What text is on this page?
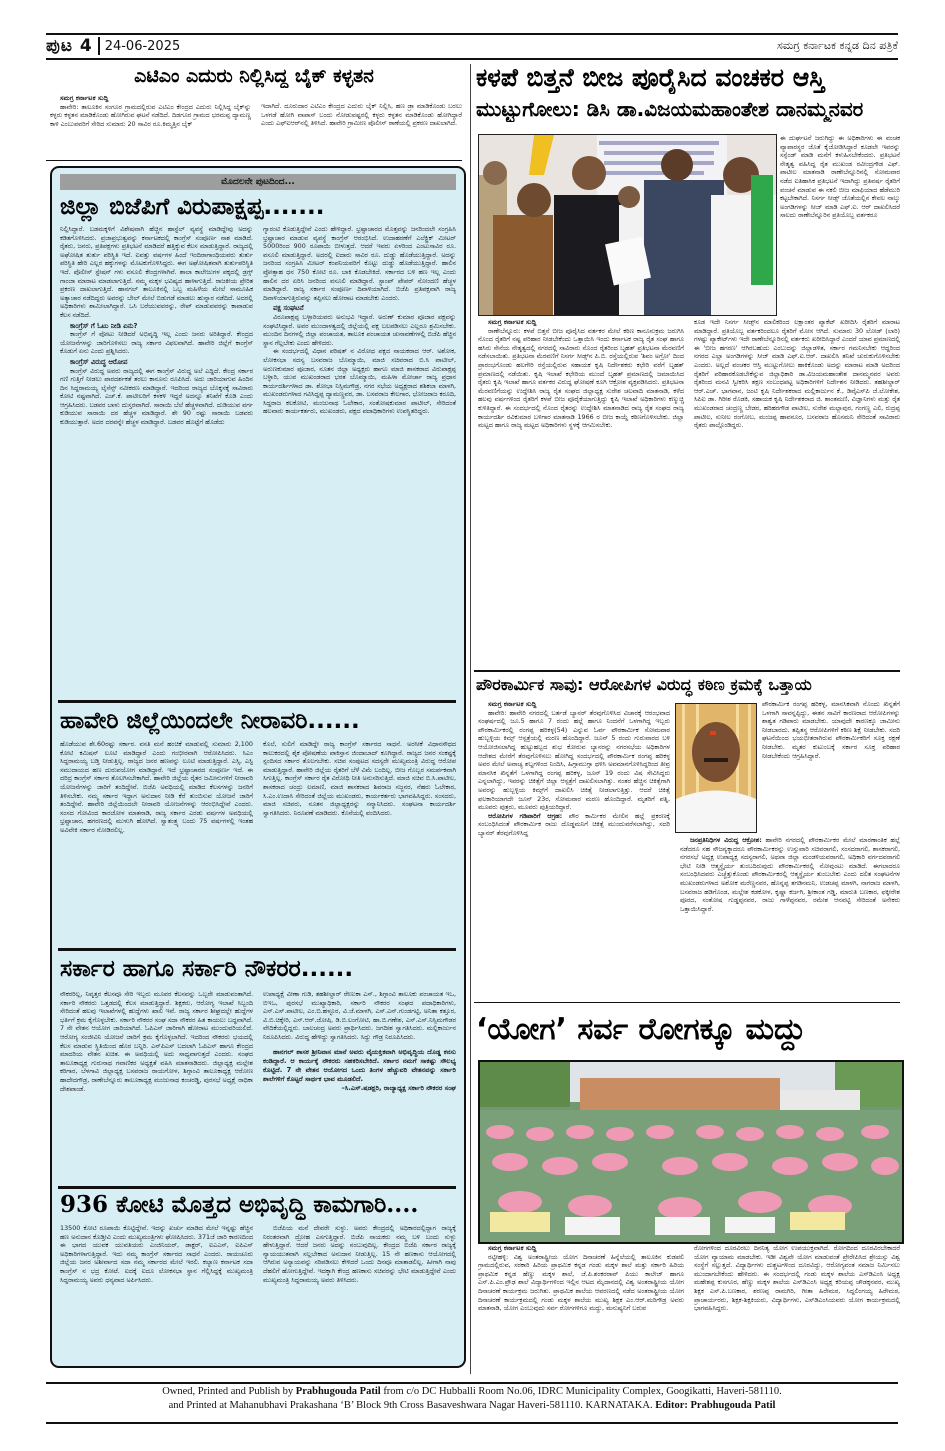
ಪುಟ 4 24-06-2025	ಸಮಗ್ರ ಕರ್ನಾಟಕ ಕನ್ನಡ ದಿನ ಪತ್ರಿಕೆ
ಎಟಿಎಂ ಎದುರು ನಿಲ್ಲಿಸಿದ್ದ ಬೈಕ್ ಕಳ್ಳತನ
ಸಮಗ್ರ ಕರ್ನಾಟಕ ಸುದ್ದಿ

ಹಾವೇರಿ: ತಾಲೂಕಿನ ಸಂಗೂರ ಗ್ರಾಮದಲ್ಲಿರುವ ಎಟಿಎಂ ಕೇಂದ್ರದ ಎದುರು ನಿಲ್ಲಿಸಿದ್ದ ಬೈಕ್‌ನ್ನು ಕಳ್ಳರು ಕಳ್ಳತನ ಮಾಡಿಕೊಂಡು ಹೋಗಿರುವ ಘಟನೆ ನಡೆದಿದೆ. ದಿಡಗೂರ ಗ್ರಾಮದ ಭರಮಪ್ಪ ದ್ಯಾಮಣ್ಣ ಕಾಳಿ ಎಂಬುವವರಿಗೆ ಸೇರಿದ ಸುಮಾರು 20 ಸಾವಿರ ರೂ.ಕಿಮ್ಮತ್ತಿನ ಬೈಕ್

ಇದಾಗಿದೆ. ದೂರುದಾರ ಎಟಿಎಂ ಕೇಂದ್ರದ ಎದುರು ಬೈಕ್ ನಿಲ್ಲಿಸಿ, ಹಣ ಡ್ರಾ ಮಾಡಿಕೊಂಡು ಬರಲು ಒಳಗಡೆ ಹೋಗಿ ವಾಪಾಸ್ ಬಂದು ನೋಡುವಷ್ಟರಲ್ಲಿ ಕಳ್ಳರು ಕಳ್ಳತನ ಮಾಡಿಕೊಂಡು ಹೋಗಿದ್ದಾರೆ ಎಂದು ಎಫ್‌ಐಆರ್‌ನಲ್ಲಿ ತಿಳಿಸಿದೆ. ಹಾವೇರಿ ಗ್ರಾಮೀಣ ಪೊಲೀಸ್ ಠಾಣೆಯಲ್ಲಿ ಪ್ರಕರಣ ದಾಖಲಾಗಿದೆ.

ಮೊದಲನೇ ಪುಟದಿಂದ...
ಜಿಲ್ಲಾ ಬಿಜೆಪಿಗೆ ವಿರುಪಾಕ್ಷಪ್ಪ.......

ನಿಲ್ಲಿಸಿದ್ದಾರೆ. ಬಡಮಕ್ಕಳಿಗೆ ವಿಶೇಷವಾಗಿ ಹೆಚ್ಚಿನ ಹಾಸ್ಟೆಲ್ ವ್ಯವಸ್ಥೆ ಮಾಡಿದ್ದೇವು ಅದನ್ನು ಕಡಿತಗೊಳಿಸಿದರು. ಪ್ರಜಾಪ್ರಭುತ್ವವನ್ನು ಕರ್ನಾಟಕದಲ್ಲಿ ಕಾಂಗ್ರೆಸ್ ಸಂಪೂರ್ಣ ನಾಶ ಮಾಡಿದೆ. ರೈತರು, ಜನರು, ಪ್ರತಿಪಕ್ಷಗಳು ಪ್ರತಿಭಟನೆ ಮಾಡಿದರೆ ಹತ್ತಿಕ್ಕುವ ಕೆಲಸ ಮಾಡುತ್ತಿದ್ದಾರೆ. ರಾಜ್ಯದಲ್ಲಿ ಅಘೋಷಿತ ತುರ್ತು ಪರಿಸ್ಥಿತಿ ಇದೆ. ಐವತ್ತು ವರ್ಷಗಳ ಹಿಂದೆ ಇಂದಿರಾಗಾಂಧಿಯವರು ತುರ್ತು ಪರಿಸ್ಥಿತಿ ಹೇರಿ ಎಲ್ಲರ ಹಕ್ಕುಗಳನ್ನು ಮೊಟಕುಗೊಳಿಸಿದ್ದರು. ಈಗ ಅಘೋಷಿತವಾಗಿ ತುರ್ತುಪರಿಸ್ಥಿತಿ ಇದೆ. ಪೊಲೀಸ್ ಸ್ಟೇಷನ್ ಗಳು ವಸೂಲಿ ಕೇಂದ್ರಗಳಾಗಿವೆ. ಶಾಲಾ ಕಾಲೇಜುಗಳ ಪಕ್ಕದಲ್ಲಿ ಡ್ರಗ್ಸ್ ಗಾಂಜಾ ಮಾರಾಟ ಮಾಡಲಾಗುತ್ತಿದೆ. ನಮ್ಮ ಮಕ್ಕಳ ಭವಿಷ್ಯದ ಹಾಳಾಗುತ್ತಿದೆ. ರಾಜಕೀಯ ಪ್ರೇರಿತ ಪ್ರಕರಣ ದಾಖಲಾಗುತ್ತಿದೆ. ಹಾನಗಲ್ ತಾಲೂಕಿನಲ್ಲಿ ಒಬ್ಬ ಮಹಿಳೆಯ ಮೇಲೆ ಸಾಮೂಹಿಕ ಅತ್ಯಾಚಾರ ನಡೆದಿದ್ದರು ಅವರನ್ನು ಬೇಲ್ ಮೇಲೆ ಬಿಡುಗಡೆ ಮಾಡಲು ಹುನ್ನಾರ ನಡೆದಿದೆ. ಅದರಲ್ಲಿ ಅಧಿಕಾರಿಗಳು ಶಾಮೀಲಾಗಿದ್ದಾರೆ. ಒಸಿ ಬರೆಯುವವರನ್ನು, ರೇಪ್ ಮಾಡುವವರನ್ನು ಕಾಪಾಡುವ ಕೆಲಸ ನಡೆದಿದೆ.

ಕಾಂಗ್ರೆಸ್ ಗೆ ಓಟು ನೀಡಿ ಏನು?

ಕಾಂಗ್ರೆಸ್ ಗೆ ವೋಟು ನೀಡಿದರೆ ಅಭಿವೃದ್ಧಿ ಇಲ್ಲ ಎಂದು ಜನರು ಅರಿತಿದ್ದಾರೆ. ಕೇಂದ್ರದ ಯೋಜನೆಗಳನ್ನು ಜಾರಿಗೊಳಿಸಲು ರಾಜ್ಯ ಸರ್ಕಾರ ವಿಫಲವಾಗಿದೆ. ಹಾವೇರಿ ಜಿಲ್ಲೆಗೆ ಕಾಂಗ್ರೆಸ್ ಕೊಡುಗೆ ಏನು ಎಂದು ಪ್ರಶ್ನಿಸಿದರು.

ಕಾಂಗ್ರೆಸ್ ವಿರುದ್ಧ ಆರೋಪ

ಕಾಂಗ್ರೆಸ್ ವಿರುದ್ಧ ಅವರು ರಾಜ್ಯದಲ್ಲಿ ಈಗ ಕಾಂಗ್ರೆಸ್ ವಿರುದ್ಧ ಅಲೆ ಎದ್ದಿದೆ. ಕೇಂದ್ರ ಸರ್ಕಾರ ಗಣಿ ಗುತ್ತಿಗೆ ನೀಡಲು ಪಾರದರ್ಶಕತೆ ತರಲು ಕಾನೂನು ರೂಪಿಸಿದೆ. ಅದು ಜಾರಿಯಾಗುವ ಹಿಂದಿನ ದಿನ ಸಿದ್ದರಾಮಯ್ಯ ಲೈಸೆನ್ಸ್ ನವೀಕರಣ ಮಾಡಿದ್ದಾರೆ. ಇದರಿಂದ ರಾಜ್ಯದ ಬೊಕ್ಕಸಕ್ಕೆ ಸಾವಿರಾರು ಕೋಟಿ ನಷ್ಟವಾಗಿದೆ. ಎಚ್.ಕೆ. ಪಾಟೀಲರಿಗೆ ಕಳಕಳಿ ಇದ್ದರೆ ಅದನ್ನೂ ತನಿಖೆಗೆ ಕೊಡಿ ಎಂದು ಆಗ್ರಹಿಸಿದರು. ಬಡವರ ಬಾಳು ದುಸ್ತರವಾಗಿದೆ. ಸಾರಾಯಿ ಬೆಲೆ ಹೆಚ್ಚಳವಾಗಿದೆ. ದುಡಿಯುವ ವರ್ಗ ಕುಡಿಯುವ ಸಾರಾಯಿ ದರ ಹೆಚ್ಚಳ ಮಾಡಿದ್ದಾರೆ. ಶೇ 90 ರಷ್ಟು ಸಾರಾಯಿ ಬಡವರು ಕುಡಿಯುತ್ತಾರೆ. ಅದರ ದರವನ್ನೇ ಹೆಚ್ಚಳ ಮಾಡಿದ್ದಾರೆ. ಬಡವರ ಹೊಟ್ಟೆಗೆ ಹೊಡೆದು

ಗ್ಯಾರಂಟಿ ಕೊಡುತ್ತಿದ್ದೇವೆ ಎಂದು ಹೇಳಿದ್ದಾರೆ. ಭ್ರಷ್ಟಾಚಾರದ ಮೊತ್ತವನ್ನು ಜನರಿಂದಲೇ ಸಂಗ್ರಹಿಸಿ ಭ್ರಷ್ಟಾಚಾರ ಮಾಡುವ ವ್ಯವಸ್ಥೆ ಕಾಂಗ್ರೆಸ್ ಆರಂಭಿಸಿದೆ. ಉದಾಹರಣೆಗೆ ಎಲೆಕ್ಟ್ರಿಕ್ ಮೀಟರ್ 5000ರಿಂದ 900 ರೂಪಾಯಿ ಬೀಳುತ್ತದೆ. ಆದರೆ ಇವರು ಏಳರಿಂದ ಎಂಟುಸಾವಿರ ರೂ. ವಸೂಲಿ ಮಾಡುತ್ತಿದ್ದಾರೆ. ಅದರಲ್ಲಿ ಐದಾರು ಸಾವಿರ ರೂ. ದುಡ್ಡು ಹೊಡೆಯುತ್ತಿದ್ದಾರೆ. ಅದನ್ನು ಜನರಿಂದ ಸಂಗ್ರಹಿಸಿ ಮೀಟರ್ ಕಂಪನಿಯವರಿಗೆ ಕೊಟ್ಟು ದುಡ್ಡು ಹೊಡೆಯುತ್ತಿದ್ದಾರೆ. ಹಾಲಿನ ಪ್ರೋತ್ಸಾಹ ಧನ 750 ಕೋಟಿ ರೂ. ಬಾಕಿ ಕೊಡಬೇಕಿದೆ. ಸರ್ಕಾರದ ಬಳಿ ಹಣ ಇಲ್ಲ ಎಂದು ಹಾಲಿನ ದರ ಏರಿಸಿ ಜನರಿಂದ ವಸೂಲಿ ಮಾಡಿದ್ದಾರೆ. ಸ್ಟಾಂಪ್ ಪೇಪರ್ ನೋಂದಣಿ ಹೆಚ್ಚಳ ಮಾಡಿದ್ದಾರೆ. ರಾಜ್ಯ ಸರ್ಕಾರ ಸಂಪೂರ್ಣ ದಿವಾಳಿಯಾಗಿದೆ. ಬಿಜೆಪಿ ಪ್ರತಿಪಕ್ಷವಾಗಿ ರಾಜ್ಯ ದಿವಾಳಿಯಾಗುತ್ತಿರುವನ್ನು ತಪ್ಪಿಸಲು ಹೋರಾಟ ಮಾಡಬೇಕು ಎಂದರು.

ಪಕ್ಷ ಸಂಘಟನೆ

ವಿರೂಪಾಕ್ಷಪ್ಪ ಬಳ್ಳಾರಿಯವರು ಅನುಭವಿ ಇದ್ದಾರೆ. ಅರುಣ್ ಕುಮಾರ ಪೂಜಾರ ಪಕ್ಷವನ್ನು ಸಂಘಟಿಸಿದ್ದಾರೆ. ಅವರ ಮುಂದಾಳತ್ವದಲ್ಲಿ ಜಿಲ್ಲೆಯಲ್ಲಿ ಪಕ್ಷ ಬಲಪಡಿಸಲು ಎಲ್ಲರೂ ಶ್ರಮಿಸಬೇಕು. ಮುಂದಿನ ದಿನಗಳಲ್ಲಿ ಜಿಲ್ಲಾ ಪಂಚಾಯತ, ತಾಲೂಕ ಪಂಚಾಯತ ಚುನಾವಣೆಗಳಲ್ಲಿ ಬಿಜೆಪಿ ಹೆಚ್ಚಿನ ಸ್ಥಾನ ಗೆಲ್ಲಬೇಕು ಎಂದು ಹೇಳಿದರು.

ಈ ಸಂದರ್ಭದಲ್ಲಿ ವಿಧಾನ ಪರಿಷತ್ ನ ವಿರೋಧ ಪಕ್ಷದ ನಾಯಕರಾದ ಆರ್. ಅಶೋಕ, ಲೋಕಸಭಾ ಸದಸ್ಯ ಬಸವರಾಜ ಬೊಮ್ಮಾಯಿ, ಮಾಜಿ ಸಚಿವರಾದ ಬಿ.ಸಿ ಪಾಟೀಲ್, ಅರುಣಕುಮಾರ ಪೂಜಾರ, ನೂತನ ಜಿಲ್ಲಾ ಅಧ್ಯಕ್ಷರು ಹಾಗೂ ಮಾಜಿ ಶಾಸಕರಾದ ವಿರುಪಾಕ್ಷಪ್ಪ ಬಳ್ಳಾರಿ, ಯುವ ಮುಖಂಡರಾದ ಭರತ ಬೊಮ್ಮಾಯಿ, ಮಹಿಳಾ ಮೋರ್ಚಾ ರಾಜ್ಯ ಪ್ರಧಾನ ಕಾರ್ಯದರ್ಶಿಗಳಾದ ಡಾ. ಶೋಭಾ ನಿಸ್ಸಿಮಗೌಡ್ರ, ನಗರ ಸಭೆಯ ಅಧ್ಯಕ್ಷರಾದ ಶಶಿಕಲಾ ಮಾಳಗಿ, ಮುಖಂಡರುಗಳಾದ ಗವಿಸಿದ್ದಪ್ಪ ದ್ಯಾಮಣ್ಣವರ, ಡಾ. ಬಸವರಾಜ ಕೇಲಗಾರ, ಭೋಜರಾಜ ಕರೂದಿ, ಸಿದ್ದರಾಜ ಕಲಕೋಟಿ, ಮಂಜುನಾಥ ಓಲೇಕಾರ, ಸಂತೋಷಕುಮಾರ ಪಾಟೀಲ್, ಸೇರಿದಂತೆ ಹಲವಾರು ಕಾರ್ಯಕರ್ತರು, ಮುಖಂಡರು, ಪಕ್ಷದ ಪದಾಧಿಕಾರಿಗಳು ಉಪಸ್ಥಿತರಿದ್ದರು.

ಹಾವೇರಿ ಜಿಲ್ಲೆಯಿಂದಲೇ ನೀರಾವರಿ......

ಹೊಡೆಯುವ ಶೇ.60ರಷ್ಟು ಸರ್ಕಾರ. ವಸತಿ ಮನೆ ಹಂಚಿಕೆ ಮಾಡುವಲ್ಲಿ ಸುಮಾರು 2,100 ಕೋಟಿ ಕಮಿಷನ್ ಲೂಟಿ ಮಾಡಿದ್ದಾರೆ ಎಂದು ಗಂಭೀರವಾಗಿ ಆರೋಪಿಸಿದರು. ಸಿಎಂ ಸಿದ್ದರಾಮಯ್ಯ ಬಡ್ತಿ ನೀಡುತ್ತಿಲ್ಲ. ರಾಜ್ಯದ ಜನರ ಹಣವನ್ನು ಲೂಟಿ ಮಾಡುತ್ತಿದ್ದಾರೆ. ಎಸ್ಸಿ, ಎಸ್ಟಿ ಸಮುದಾಯದ ಹಣ ದುರುಪಯೋಗ ಮಾಡಿದ್ದಾರೆ. ಇದೆ ಭ್ರಷ್ಟಾಚಾರದ ಸಂಪೂರ್ಣ ಇದೆ. ಈ ದರಿದ್ರ ಕಾಂಗ್ರೆಸ್ ಸರ್ಕಾರ ತೊಲಗಿಸಬೇಕಾಗಿದೆ. ಹಾವೇರಿ ಜಿಲ್ಲೆಯ ರೈತರ ಜಮೀನುಗಳಿಗೆ ನೀರಾವರಿ ಯೋಜನೆಗಳನ್ನು ಜಾರಿಗೆ ತಂದಿದ್ದೇವೆ. ಬಿಜೆಪಿ ಅವಧಿಯಲ್ಲಿ ಮಾಡಿದ ಕೆಲಸಗಳನ್ನು ಜನರಿಗೆ ತಿಳಿಸಬೇಕು. ನಮ್ಮ ಸರ್ಕಾರ ಇದ್ದಾಗ ಅನುದಾನ ನೀಡಿ ಕೆರೆ ತುಂಬಿಸುವ ಯೋಜನೆ ಜಾರಿಗೆ ತಂದಿದ್ದೇವೆ. ಹಾವೇರಿ ಜಿಲ್ಲೆಯಿಂದಲೇ ನೀರಾವರಿ ಯೋಜನೆಗಳನ್ನು ಆರಂಭಿಸಿದ್ದೇವೆ ಎಂದರು. ಸಂಸದ ಗೋವಿಂದ ಕಾರಜೋಳ ಮಾತನಾಡಿ, ರಾಜ್ಯ ಸರ್ಕಾರ ಎರಡು ವರ್ಷಗಳ ಅವಧಿಯಲ್ಲಿ ಭ್ರಷ್ಟಾಚಾರ, ಹಗರಣದಲ್ಲಿ ಮುಳುಗಿ ಹೋಗಿದೆ. ಸ್ವಾತಂತ್ರ್ಯ ಬಂದು 75 ವರ್ಷಗಳಲ್ಲಿ ಇಂತಹ ಅವಿವೇಕಿ ಸರ್ಕಾರ ನೋಡಿರಲಿಲ್ಲ.

ಕೊಲೆ, ಸುಲಿಗೆ ಮಾಡಿದ್ದೇ ರಾಜ್ಯ ಕಾಂಗ್ರೆಸ್ ಸರ್ಕಾರದ ಸಾಧನೆ. ಅರಸೀಕೆ ವಿಧಾನಸೌಧದ ಕಾಲುಕರದಲ್ಲಿ ಶೈಕ ಪೋಷಣೆಯ ಪಾಕಿಸ್ತಾನ ಜಿಂದಾಬಾದ್ ಕೂಗಿದ್ದಾರೆ. ರಾಜ್ಯದ ಜನರ ಸಂಕಷ್ಟಕ್ಕೆ ಸ್ಪಂದಿಸದ ಸರ್ಕಾರ ತೊಲಗಬೇಕು. ಸಚಿವ ಸಂಪುಟದ ಸದಸ್ಯರೇ ಮುಖ್ಯಮಂತ್ರಿ ವಿರುದ್ಧ ಆರೋಪ ಮಾಡುತ್ತಿದ್ದಾರೆ. ಹಾವೇರಿ ಜಿಲ್ಲೆಯ ರೈತರಿಗೆ ಬೆಳೆ ವಿಮೆ ಬಂದಿಲ್ಲ. ಬೀಜ ಗೊಬ್ಬರ ಸಮರ್ಪಕವಾಗಿ ಸಿಗುತ್ತಿಲ್ಲ. ಕಾಂಗ್ರೆಸ್ ಸರ್ಕಾರ ರೈತ ವಿರೋಧಿ ನೀತಿ ಅನುಸರಿಸುತ್ತಿದೆ. ಮಾಜಿ ಸಚಿವ ಬಿ.ಸಿ.ಪಾಟೀಲ, ಶಾಸಕರಾದ ಚಂದ್ರು ಲಮಾಣಿ, ಮಾಜಿ ಶಾಸಕರಾದ ಶಿವರಾಜ ಸಜ್ಜನರ, ನೆಹರು ಓಲೇಕಾರ, ಸಿ.ಎಂ.ಉದಾಸಿ ಸೇರಿದಂತೆ ಜಿಲ್ಲೆಯ ಮುಖಂಡರು, ಕಾರ್ಯಕರ್ತರು ಭಾಗವಹಿಸಿದ್ದರು. ಸಂಸದರು, ಮಾಜಿ ಸಚಿವರು, ನೂತನ ಜಿಲ್ಲಾಧ್ಯಕ್ಷರನ್ನು ಸನ್ಮಾನಿಸಿದರು. ಸಂಘಟನಾ ಕಾರ್ಯದರ್ಶಿ ಸ್ವಾಗತಿಸಿದರು. ನಿರೂಪಣೆ ಮಾಡಿದರು. ಕೊನೆಯಲ್ಲಿ ವಂದಿಸಿದರು.

ಸರ್ಕಾರ ಹಾಗೂ ಸರ್ಕಾರಿ ನೌಕರರ......

ನೌಕರರಿಲ್ಲ, ನಿವೃತ್ತರ ಕೆಲಸವೂ ಸೇರಿ ಇಬ್ಬರು ಮೂವರ ಕೆಲಸವನ್ನು ಒಬ್ಬರೇ ಮಾಡುವಂತಾಗಿದೆ. ಸರ್ಕಾರಿ ನೌಕರರು ಒತ್ತಡದಲ್ಲಿ ಕೆಲಸ ಮಾಡುತ್ತಿದ್ದಾರೆ. ಶಿಕ್ಷಕರು, ಆರೋಗ್ಯ ಇಲಾಖೆ ಸಿಬ್ಬಂದಿ ಸೇರಿದಂತೆ ಹಲವು ಇಲಾಖೆಗಳಲ್ಲಿ ಹುದ್ದೆಗಳು ಖಾಲಿ ಇವೆ. ರಾಜ್ಯ ಸರ್ಕಾರ ಶೀಘ್ರದಲ್ಲೇ ಹುದ್ದೆಗಳ ಭರ್ತಿಗೆ ಕ್ರಮ ಕೈಗೊಳ್ಳಬೇಕು. ಸರ್ಕಾರಿ ನೌಕರರ ಸಂಘ ಸದಾ ನೌಕರರ ಹಿತ ಕಾಯಲು ಬದ್ಧವಾಗಿದೆ. 7 ನೇ ವೇತನ ಆಯೋಗ ಜಾರಿಯಾಗಿದೆ. ಓಪಿಎಸ್ ಜಾರಿಗಾಗಿ ಹೋರಾಟ ಮುಂದುವರಿಯಲಿದೆ. ಆರೋಗ್ಯ ಸಂಜೀವಿನಿ ಯೋಜನೆ ಜಾರಿಗೆ ಕ್ರಮ ಕೈಗೊಳ್ಳಲಾಗಿದೆ. ಇದರಿಂದ ನೌಕರರು ಭಯದಲ್ಲಿ ಕೆಲಸ ಮಾಡುವ ಸ್ಥಿತಿಯಿಂದ ಹೊರ ಬನ್ನಿರಿ. ಎನ್‌ಪಿಎಸ್ ಬದಲಾಗಿ ಓಪಿಎಸ್ ಹಾಗೂ ಕೇಂದ್ರದ ಮಾದರಿಯ ವೇತನ ಖಚಿತ. ಈ ಅವಧಿಯಲ್ಲಿ ಅದು ಸಾಧ್ಯವಾಗುತ್ತದೆ ಎಂದರು. ಸಂಘದ ತಾಲೂಕಾಧ್ಯಕ್ಷ ಗುರುನಾಥ ಗವಾಣಿಕರ ಅಧ್ಯಕ್ಷತೆ ವಹಿಸಿ ಮಾತನಾಡಿದರು. ಜಿಲ್ಲಾಧ್ಯಕ್ಷ ಮಲ್ಲೇಶ ಕರಿಗಾರ, ಬೆಳಗಾವಿ ಜಿಲ್ಲಾಧ್ಯಕ್ಷ ಬಸವರಾಜ ರಾಯಗೋಳ, ಶಿಗ್ಗಾಂವಿ ತಾಲೂಕಾಧ್ಯಕ್ಷ ಆರೋಣ ಹಾದೇದಗೌಡ್ರ, ರಾಣೇಬೆನ್ನೂರು ತಾಲೂಕಾಧ್ಯಕ್ಷ ಮಂಜುನಾಥ ಕಂಚರಡ್ಡಿ, ಪುರಸಭೆ ಅಧ್ಯಕ್ಷೆ ರಾಧಿಕಾ ದೇಶಪಾಂಡೆ.

ಉಪಾಧ್ಯಕ್ಷೆ ವೀಣಾ ಗುಡಿ, ತಹಶೀಲ್ದಾರ್ ರೇಣುಕಾ ಎಸ್., ಶಿಗ್ಗಾಂವಿ ತಾಲೂಕು ಪಂಚಾಯತ ಇಒ, ಬಿಇಒ, ಪುರಸಭೆ ಮುಖ್ಯಾಧಿಕಾರಿ, ಸರ್ಕಾರಿ ನೌಕರರ ಸಂಘದ ಪದಾಧಿಕಾರಿಗಳು, ಎನ್.ಎಸ್.ಪಾಟೀಲ, ಎಂ.ಬಿ.ಹಳ್ಳೂರ, ವಿ.ಜೆ.ಮಾಳಗಿ, ಎಸ್.ಎನ್.ಗುಂಡಗಟ್ಟಿ, ಅನಿತಾ ಕತ್ತೂರ, ವಿ.ಬಿ.ಚಿಕ್ಕೇರಿ, ಎಸ್.ಆರ್.ಜೋಷಿ, ಡಿ.ಬಿ.ಲಂಗೋಟಿ, ಹಾ.ಬಿ.ಗಣೇಶ, ಎಸ್.ಎಸ್.ನಿಸ್ಸಿಮಗೌಡರ ವೇದಿಕೆಯಲ್ಲಿದ್ದರು. ಬಾಲಚಂದ್ರ ಅವರು ಪ್ರಾರ್ಥಿಸಿದರು. ಜಗದೀಶ ಸ್ವಾಗತಿಸಿದರು. ಮಲ್ಲಿಕಾರ್ಜುನ ನಿರೂಪಿಸಿದರು. ವಿರುದ್ಧ ಹೇಳಿದ್ದು ಸ್ವಾಗತಿಸಿದರು. ಸಿದ್ದು ಗೌಡ್ರ ನಿರೂಪಿಸಿದರು.

ಹಾನಗಲ್ ಶಾಸಕ ಶ್ರೀನಿವಾಸ ಮಾನೆ ಅವರು ವೈಯಕ್ತಿಕವಾಗಿ ಅಭಿವೃದ್ಧಿಯ ದೊಡ್ಡ ಕನಸು ಕಂಡಿದ್ದಾರೆ. ಆ ಕಾರ್ಯಕ್ಕೆ ನೌಕರರು ಸಹಕರಿಸಬೇಕಿದೆ. ಸರ್ಕಾರ ನಮಗೆ ಸಾಕಷ್ಟು ಸೌಲಭ್ಯ ಕೊಟ್ಟಿದೆ. 7 ನೇ ವೇತನ ಆಯೋಗದ ಒಂದು ತಿಂಗಳ ಹೆಚ್ಚುವರಿ ವೇತನವನ್ನು ಸರ್ಕಾರಿ ಶಾಲೆಗಳಿಗೆ ಕೊಟ್ಟರೆ ಸಾರ್ಥಕ ಭಾವ ಮೂಡಲಿದೆ.

–ಸಿ.ಎಸ್.ಷಡಕ್ಷರಿ, ರಾಜ್ಯಾಧ್ಯಕ್ಷ ಸರ್ಕಾರಿ ನೌಕರರ ಸಂಘ
936 ಕೋಟಿ ಮೊತ್ತದ ಅಭಿವೃದ್ಧಿ ಕಾಮಗಾರಿ....

13500 ಕೋಟಿ ರೂಪಾಯಿ ಕೊಟ್ಟಿದ್ದೇವೆ. ಇದನ್ನು ಖರ್ಚು ಮಾಡಿದ ಮೇಲೆ ಇನ್ನಷ್ಟು ಹೆಚ್ಚಿನ ಹಣ ಅನುದಾನ ಕೊಡ್ತೀವಿ ಎಂದು ಮುಖ್ಯಮಂತ್ರಿಗಳು ಘೋಷಿಸಿದರು. 371ಜೆ ಜಾರಿ ಕಾರಣದಿಂದ ಈ ಭಾಗದ ಯುವಕ ಯುವತಿಯರು ಎಂಜಿನಿಯರ್, ಡಾಕ್ಟರ್, ಐಎಎಸ್, ಐಪಿಎಸ್ ಅಧಿಕಾರಿಗಳಾಗುತ್ತಿದ್ದಾರೆ. ಇದು ನಮ್ಮ ಕಾಂಗ್ರೆಸ್ ಸರ್ಕಾರದ ಸಾಧನೆ ಎಂದರು. ರಾಯಚೂರು ಜಿಲ್ಲೆಯ ಜನರ ಅಶೀರ್ವಾದ ಸದಾ ನಮ್ಮ ಸರ್ಕಾರದ ಮೇಲೆ ಇರಲಿ. ಕಲ್ಯಾಣ ಕರ್ನಾಟಕ ಸದಾ ಕಾಂಗ್ರೆಸ್ ನ ಭದ್ರ ಕೋಟೆ. ಐದಕ್ಕೆ ಐದೂ ಲೋಕಸಭಾ ಸ್ಥಾನ ಗೆಲ್ಲಿಸಿದ್ದಕ್ಕೆ ಮುಖ್ಯಮಂತ್ರಿ ಸಿದ್ದರಾಮಯ್ಯ ಅವರು ಧನ್ಯವಾದ ಅರ್ಪಿಸಿದರು.

ಬಿಜೆಪಿಯ ಮನೆ ದೇವರೇ ಸುಳ್ಳು. ಅವರು ಕೇಂದ್ರದಲ್ಲಿ ಅಧಿಕಾರದಲ್ಲಿದ್ದಾಗ ರಾಜ್ಯಕ್ಕೆ ನಿರಂತರವಾಗಿ ದ್ರೋಹ ಎಸಗುತ್ತಿದ್ದಾರೆ. ಬಿಜೆಪಿ ನಾಯಕರು ನಮ್ಮ ಬಳಿ ಬಂದು ಸುಳ್ಳು ಹೇಳುತ್ತಿದ್ದಾರೆ. ಆದರೆ ಜನರು ಅದನ್ನು ನಂಬುವುದಿಲ್ಲ. ಕೇಂದ್ರದ ಬಿಜೆಪಿ ಸರ್ಕಾರ ರಾಜ್ಯಕ್ಕೆ ನ್ಯಾಯಯುತವಾಗಿ ಸಲ್ಲಬೇಕಾದ ಅನುದಾನ ನೀಡುತ್ತಿಲ್ಲ. 15 ನೇ ಹಣಕಾಸು ಆಯೋಗದಲ್ಲಿ ಆಗಿರುವ ಅನ್ಯಾಯವನ್ನು ಸರಿಪಡಿಸಲು ಕೇಳಿದರೆ ಒಂದು ದಿನವೂ ಮಾತಾಡಲಿಲ್ಲ. ಹೀಗಾಗಿ ನಾವು ದೆಹಲಿಗೆ ಹೋಗುತ್ತಿದ್ದೇವೆ. ಇದಕ್ಕಾಗಿ ಕೇಂದ್ರ ಹಣಕಾಸು ಸಚಿವರನ್ನು ಭೇಟಿ ಮಾಡುತ್ತಿದ್ದೇವೆ ಎಂದು ಮುಖ್ಯಮಂತ್ರಿ ಸಿದ್ದರಾಮಯ್ಯ ಅವರು ತಿಳಿಸಿದರು.

ಕಳಪೆ ಬಿತ್ತನೆ ಬೀಜ ಪೂರೈಸಿದ ವಂಚಕರ ಆಸ್ತಿ
ಮುಟ್ಟುಗೋಲು: ಡಿಸಿ ಡಾ.ವಿಜಯಮಹಾಂತೇಶ ದಾನಮ್ಮನವರ

ಈ ದುರ್ಘಟನೆ ಜರುಗಿದ್ದು ಈ ಅಧಿಕಾರಿಗಳು ಈ ವಂಚಕ ವ್ಯಾಪಾರಸ್ಥರ ಜೊತೆ ಕೈಜೋಡಿಸಿದ್ದಾರೆ ಕೂಡಲೇ ಇವರನ್ನು ಸಸ್ಪೆಂಡ್ ಮಾಡಿ ಮನೆಗೆ ಕಳುಹಿಸಬೇಕೆಂದರು. ಪ್ರತಿಭಟನೆ ನೇತೃತ್ವ ವಹಿಸಿದ್ದ ರೈತ ಮುಖಂಡ ರವೀಂದ್ರಗೌಡ ಎಫ್. ಪಾಟೀಲ ಮಾತನಾಡಿ ರಾಣೇಬೆನ್ನೂರಿನಲ್ಲಿ ಸೋಮವಾರ ನಡೆದ ಐತಿಹಾಸಿಕ ಪ್ರತಿಭಟನೆ ಇದಾಗಿದ್ದು ಪ್ರತಿವರ್ಷ ರೈತರಿಗೆ ವಂಚನೆ ಮಾಡುವ ಈ ನಕಲಿ ಬೀಜ ಮಾಫಿಯಾದ ಹೆಡೆಮುರಿ ಕಟ್ಟಬೇಕಾಗಿದೆ. ನಿಸರ್ಗ ಸೀಡ್ಸ್ ಜೊತೆಯಲ್ಲಿನ ಕೇವಲ ನಾಲ್ಕು ಅಂಗಡಿಗಳನ್ನು ಸೀಜ್ ಮಾಡಿ ಎಫ್.ಐ. ಆರ್ ದಾಖಲಿಸಿದರೆ ಸಾಲದು ರಾಣೇಬೆನ್ನೂರಿನ ಪ್ರತಿಯೊಬ್ಬ ವರ್ತಕರೂ

ಸಮಗ್ರ ಕರ್ನಾಟಕ ಸುದ್ದಿ

ರಾಣೇಬೆನ್ನೂರು: ಕಳಪೆ ಬಿತ್ತನೆ ಬೀಜ ಪೂರೈಸಿದ ವರ್ತಕರ ಮೇಲೆ ಕಠಿಣ ಕಾನೂನುಕ್ರಮ ಜರುಗಿಸಿ ನೊಂದ ರೈತರಿಗೆ ನಷ್ಟ ಪರಿಹಾರ ನೀಡಬೇಕೆಂದು ಒತ್ತಾಯಿಸಿ ಇಂದು ಕರ್ನಾಟಕ ರಾಜ್ಯ ರೈತ ಸಂಘ ಹಾಗೂ ಹಸಿರು ಸೇನೆಯ ನೇತೃತ್ವದಲ್ಲಿ ನಗರದಲ್ಲಿ ಸಾವಿರಾರು ನೊಂದ ರೈತರಿಂದ ಬೃಹತ್ ಪ್ರತಿಭಟನಾ ಮೆರವಣಿಗೆ ನಡೆಸಲಾಯಿತು. ಪ್ರತಿಭಟನಾ ಮೆರವಣಿಗೆ ನಿಸರ್ಗ ಸೀಡ್ಸ್‌ನ ಪಿ.ಬಿ. ರಸ್ತೆಯಲ್ಲಿರುವ 'ಶಿವಂ ಅಗ್ರೋ' ದಿಂದ ಪ್ರಾರಂಭಗೊಂಡು ಹಲಗೇರಿ ರಸ್ತೆಯಲ್ಲಿರುವ ಸಹಾಯಕ ಕೃಷಿ ನಿರ್ದೇಶಕರು ಕಛೇರಿ ವರೆಗೆ ಬೃಹತ್ ಪ್ರಮಾಣದಲ್ಲಿ ನಡೆಯಿತು. ಕೃಷಿ ಇಲಾಖೆ ಕಛೇರಿಯ ಮುಂದೆ ಬೃಹತ್ ಪ್ರಮಾಣದಲ್ಲಿ ಜಮಾಯಿಸಿದ ರೈತರು ಕೃಷಿ ಇಲಾಖೆ ಹಾಗೂ ವರ್ತಕರ ವಿರುದ್ಧ ಘೋಷಣೆ ಕೂಗಿ ಆಕ್ರೋಶ ವ್ಯಕ್ತಪಡಿಸಿದರು. ಪ್ರತಿಭಟನಾ ಮೆರವಣಿಗೆಯನ್ನು ಉದ್ದೇಶಿಸಿ ರಾಜ್ಯ ರೈತ ಸಂಘದ ಜಿಲ್ಲಾಧ್ಯಕ್ಷ ಸುರೇಶ ಚಲವಾದಿ ಮಾತನಾಡಿ, ಕಳೆದ ಹಲವು ವರ್ಷಗಳಿಂದ ರೈತರಿಗೆ ಕಳಪೆ ಬೀಜ ಪೂರೈಕೆಯಾಗುತ್ತಿದ್ದು ಕೃಷಿ ಇಲಾಖೆ ಅಧಿಕಾರಿಗಳು ಕಣ್ಮುಚ್ಚಿ ಕುಳಿತಿದ್ದಾರೆ. ಈ ಸಂದರ್ಭದಲ್ಲಿ ನೊಂದ ರೈತರನ್ನು ಉದ್ದೇಶಿಸಿ ಮಾತನಾಡಿದ ರಾಜ್ಯ ರೈತ ಸಂಘದ ರಾಜ್ಯ ಕಾರ್ಯದರ್ಶಿ ರವಿಕುಮಾರ ಬಳಿಗಾರ ಮಾತನಾಡಿ 1966 ರ ಬೀಜ ಕಾಯ್ದೆ ಕಠಿಣಗೊಳಿಸಬೇಕು. ಜಿಲ್ಲಾ ಮಟ್ಟದ ಹಾಗೂ ರಾಜ್ಯ ಮಟ್ಟದ ಅಧಿಕಾರಿಗಳು ಸ್ಥಳಕ್ಕೆ ಆಗಮಿಸಬೇಕು.

ಕೂಡ ಇದೇ ನಿಸರ್ಗ ಸೀಡ್ಸ್‌ನ ಮಾಲಿಕರಿಂದ ಲಕ್ಷಾಂತರ ಪ್ಯಾಕೆಟ್ ಖರೀದಿಸಿ ರೈತರಿಗೆ ಮಾರಾಟ ಮಾಡಿದ್ದಾರೆ. ಪ್ರತಿಯೊಬ್ಬ ವರ್ತಕರಿಂದಲೂ ರೈತರಿಗೆ ಮೋಸ ಆಗಿದೆ. ಸುಮಾರು 30 ಲೋಡ್ (ಲಾರಿ) ಗಳಷ್ಟು ಪ್ಯಾಕೇಟ್‌ಗಳು ಇದೇ ರಾಣೇಬೆನ್ನೂರಿನಲ್ಲಿ ವರ್ತಕರು ಖರೀದಿಸಿದ್ದಾರೆ ಎಂದರೆ ಯಾವ ಪ್ರಮಾಣದಲ್ಲಿ ಈ 'ಬೀಜ ಹಗರಣ' ಆಗಿರಬಹುದು ಎಂಬುದನ್ನು ಜಿಲ್ಲಾಡಳಿತ, ಸರ್ಕಾರ ಗಮನಿಸಬೇಕು ಆದ್ದರಿಂದ ನಗರದ ಎಲ್ಲಾ ಅಂಗಡಿಗಳನ್ನು ಸೀಜ್ ಮಾಡಿ ಎಫ್.ಐ.ಆರ್. ದಾಖಲಿಸಿ ತನಿಖೆ ಚುರುಕುಗೊಳಿಸಬೇಕು ಎಂದರು. ಅಲ್ಲದೆ ವಂಚಕರ ಆಸ್ತಿ ಮುಟ್ಟುಗೋಲು ಹಾಕಿಕೊಂಡು ಅದನ್ನು ಮಾರಾಟ ಮಾಡಿ ಅದರಿಂದ ರೈತರಿಗೆ ಪರಿಹಾರಕೊಡಬೇಕೆನ್ನುವ ಜಿಲ್ಲಾಧಿಕಾರಿ ಡಾ.ವಿಜಯಮಹಾಂತೇಶ ದಾನಮ್ಮನವರ ಅವರು ರೈತರಿಂದ ಮನವಿ ಸ್ವೀಕರಿಸಿ ತಕ್ಷಣ ಸಂಬಂಧಪಟ್ಟ ಅಧಿಕಾರಿಗಳಿಗೆ ನಿರ್ದೇಶನ ನೀಡಿದರು. ತಹಶೀಲ್ದಾರ್ ಆರ್.ಎಚ್. ಭಾಗವಾನ, ಜಂಟಿ ಕೃಷಿ ನಿರ್ದೇಶಕರಾದ ಮಲ್ಲಿಕಾರ್ಜುನ ಕೆ., ಡಿವೈಎಸ್‌ಪಿ ಜೆ.ಲೋಕೇಶ, ಸಿಪಿಐ ಡಾ. ಗಿರೀಶ ರೊಡಕಿ, ಸಹಾಯಕ ಕೃಷಿ ನಿರ್ದೇಶಕರಾದ ಜಿ. ಶಾಂತಮಣಿ, ವಿಜ್ಞಾನಿಗಳು ಮತ್ತು ರೈತ ಮುಖಂಡರಾದ ಚಂದ್ರಣ್ಣ ಬೇಡರ, ಹರಿಹರಗೌಡ ಪಾಟೀಲ, ಸುರೇಶ ಮಲ್ಲಾಪುರ, ಗಂಗಣ್ಣ ಎಲಿ, ರುದ್ರಪ್ಪ ಪಾಟೀಲ, ಸುನೀಲ ರಂಗೋಬ, ಮಂಜಪ್ಪ ಹಾವನೂರ, ಬಸವರಾಜ ಹೊಸಮನಿ ಸೇರಿದಂತೆ ಸಾವಿರಾರು ರೈತರು ಪಾಲ್ಗೊಂಡಿದ್ದರು.

ಪೌರಕಾರ್ಮಿಕ ಸಾವು: ಆರೋಪಿಗಳ ವಿರುದ್ಧ ಕಠಿಣ ಕ್ರಮಕ್ಕೆ ಒತ್ತಾಯ
ಸಮಗ್ರ ಕರ್ನಾಟಕ ಸುದ್ದಿ

ಹಾವೇರಿ: ಹಾವೇರಿ ನಗರದಲ್ಲಿ ಬರ್ತಡೆ ಬ್ಯಾನರ್ ತೆರವುಗೊಳಿಸಿದ ವಿಚಾರಕ್ಕೆ ಆರಂಭವಾದ ಸಂಘರ್ಷದಲ್ಲಿ ಜೂ.5 ಹಾಗೂ 7 ರಂದು ಹಲ್ಲೆ ಹಾಗೂ ನಿಂದನೆಗೆ ಒಳಗಾಗಿದ್ದ ಇಬ್ಬರು ಪೌರಕಾರ್ಮಿಕರಲ್ಲಿ ರಂಗಪ್ಪ ಹರಿಕಳ್ಳ(54) ಎನ್ನುವ ಓರ್ವ ಪೌರಕಾರ್ಮಿಕ ಸೋಮವಾರ ಹುಬ್ಬಳ್ಳಿಯ ಕಿಮ್ಸ್ ಆಸ್ಪತ್ರೆಯಲ್ಲಿ ಮರಣ ಹೊಂದಿದ್ದಾರೆ. ಜೂನ್ 5 ರಂದು ಗುರುವಾರದ ಬಳಿ ಆಯೋಜಿಸಲಾಗಿದ್ದ ಹುಟ್ಟುಹಬ್ಬದ ಶುಭ ಕೋರುವ ಬ್ಯಾನರನ್ನು ನಗರಸಭೆಯ ಅಧಿಕಾರಿಗಳ ಆದೇಶದ ಮೇರೆಗೆ ತೆರವುಗೊಳಿಸಲು ಹೋಗಿದ್ದ ಸಂದರ್ಭದಲ್ಲಿ ಪೌರಕಾರ್ಮಿಕ ರಂಗಪ್ಪ ಹರಿಕಳ್ಳ ಅವರ ಮೇಲೆ ಅವಾಚ್ಯ ಶಬ್ದಗಳಿಂದ ನಿಂದಿಸಿ, ಹಿಗ್ಗಾಮುಗ್ಗಾ ಥಳಿಸಿ ಅವಮಾನಗೊಳಿಸಿದ್ದರಿಂದ ತೀವ್ರ ಮಾನಸಿಕ ಖಿನ್ನತೆಗೆ ಒಳಗಾಗಿದ್ದ ರಂಗಪ್ಪ ಹರಿಕಳ್ಳ, ಜೂನ್ 19 ರಂದು ವಿಷ ಸೇವಿಸಿದ್ದರು ಎನ್ನಲಾಗಿದ್ದು, ಇವರನ್ನು ಚಿಕಿತ್ಸೆಗೆ ಜಿಲ್ಲಾ ಆಸ್ಪತ್ರೆಗೆ ದಾಖಲಿಸಲಾಗಿತ್ತು. ನಂತರ ಹೆಚ್ಚಿನ ಚಿಕಿತ್ಸೆಗಾಗಿ ಅವರನ್ನು ಹುಬ್ಬಳ್ಳಿಯ ಕಿಮ್ಸ್‌ಗೆ ದಾಖಲಿಸಿ ಚಿಕಿತ್ಸೆ ನೀಡಲಾಗುತ್ತಿತ್ತು. ಆದರೆ ಚಿಕಿತ್ಸೆ ಫಲಕಾರಿಯಾಗದೇ ಜೂನ್ 23ರ, ಸೋಮವಾರ ಮರಣ ಹೊಂದಿದ್ದಾರೆ. ಮೃತರಿಗೆ ಪತ್ನಿ, ಮೂವರು ಪುತ್ರರು, ಮೂವರು ಪುತ್ರಿಯರಿದ್ದಾರೆ.

ಆರೋಪಿಗಳ ಗಡಿಪಾರಿಗೆ ಆಗ್ರಹ: ಪೌರ ಕಾರ್ಮಿಕರ ಮೇಲಿನ ಹಲ್ಲೆ ಪ್ರಕರಣಕ್ಕೆ ಸಂಬಂಧಿಸಿದಂತೆ ಪೌರಕಾರ್ಮಿಕ ರಾಜು ದೊಡ್ಡಮನಿಗೆ ಚಿಕಿತ್ಸೆ ಮುಂದುವರೆಸಲಾಗಿದ್ದು, ಸದರಿ ಬ್ಯಾನರ್ ತೆರವುಗೊಳಿಸಿದ್ದ

ಪೌರಕಾರ್ಮಿಕ ರಂಗಪ್ಪ ಹರಿಕಳ್ಳ, ಮಾನಸಿಕವಾಗಿ ನೊಂದು ಖಿನ್ನತೆಗೆ ಒಳಗಾಗಿ ಸಾವನ್ನಪ್ಪಿದ್ದು, ಈತನ ಸಾವಿಗೆ ಕಾರಣರಾದ ಆರೋಪಿಗಳನ್ನು ಶಾಶ್ವತ ಗಡಿಪಾರು ಮಾಡಬೇಕು. ಯಾವುದೇ ಕಾರಣಕ್ಕೂ ಜಾಮೀನು ನೀಡಬಾರದು. ತಪ್ಪಿತಸ್ಥ ಆರೋಪಿಗಳಿಗೆ ಕಠಿಣ ಶಿಕ್ಷೆ ನೀಡಬೇಕು. ಸದರಿ ಘಟನೆಯಿಂದ ಭಯಭೀತರಾಗಿರುವ ಪೌರಕಾರ್ಮಿಕರಿಗೆ ಸೂಕ್ತ ರಕ್ಷಣೆ ನೀಡಬೇಕು. ಮೃತರ ಕುಟುಂಬಕ್ಕೆ ಸರ್ಕಾರ ಸೂಕ್ತ ಪರಿಹಾರ ನೀಡಬೇಕೆಂದು ಆಗ್ರಹಿಸಿದ್ದಾರೆ.

ಜನಪ್ರತಿನಿಧಿಗಳ ವಿರುದ್ಧ ಆಕ್ರೋಶ: ಹಾವೇರಿ ನಗರದಲ್ಲಿ ಪೌರಕಾರ್ಮಿಕರ ಮೇಲೆ ಮಾರಣಾಂತಿಕ ಹಲ್ಲೆ ನಡೆದರೂ ಸಹ ಸೌಜನ್ಯಕ್ಕಾದರೂ ಪೌರಕಾರ್ಮಿಕರನ್ನು ಉಸ್ತುವಾರಿ ಸಚಿವರಾಗಲಿ, ಸಂಸದರಾಗಲಿ, ಶಾಸಕರಾಗಲಿ, ನಗರಸಭೆ ಅಧ್ಯಕ್ಷ ಉಪಾಧ್ಯಕ್ಷ ಸದಸ್ಯರಾಗಲಿ, ಅಥವಾ ಜಿಲ್ಲಾ ಮಂಡಳಿಯವರಾಗಲಿ, ಅಧಿಕಾರಿ ವರ್ಗದವರಾಗಲಿ ಭೇಟಿ ನೀಡಿ ಆತ್ಮಸ್ಥೈರ್ಯ ತುಂಬದಿರುವುದು ಪೌರಕಾರ್ಮಿಕರಲ್ಲಿ ನೋವುಂಟು ಮಾಡಿದೆ. ಈಗಲಾದರೂ ಸಂಬಂಧಿಸಿದವರು ಎಚ್ಚೆತ್ತುಕೊಂಡು ಪೌರಕಾರ್ಮಿಕರಲ್ಲಿ ಆತ್ಮಸ್ಥೈರ್ಯ ತುಂಬಬೇಕು ಎಂದು ದಲಿತ ಸಂಘಟನೆಗಳ ಮುಖಂಡರುಗಳಾದ ಅಶೋಕ ಮರೆಣ್ಣನವರ, ಹೊನ್ನಪ್ಪ ತಗಡಿನಮನಿ, ಉಡಚಪ್ಪ ಮಾಳಗಿ, ನಾಗರಾಜ ಮಾಳಗಿ, ಬಸವರಾಜ ಹಡಿಗೊಂಡ, ಮಲ್ಲೇಶ ಕಡಕೋಳ, ಕೃಷ್ಣಾ ಕರ್ಜಗಿ, ಶ್ರೀಕಾಂತ ಗಡ್ಡಿ, ಮಾರುತಿ ಬಣಕಾರ, ಫಕ್ಕೀರೇಶ ಪೂರದ, ಸಂತೋಷ ಗುಡ್ಡಪ್ಪನವರ, ರಾಜು ಗಾಳೆಪ್ಪನವರ, ರಮೇಶ ಆನವಟ್ಟಿ ಸೇರಿದಂತೆ ಅನೇಕರು ಒತ್ತಾಯಿಸಿದ್ದಾರೆ.

‘ಯೋಗ’ ಸರ್ವ ರೋಗಕ್ಕೂ ಮದ್ದು
ಸಮಗ್ರ ಕರ್ನಾಟಕ ಸುದ್ದಿ

ರಟ್ಟೀಹಳ್ಳಿ: ವಿಶ್ವ ಅಂತರಾಷ್ಟ್ರೀಯ ಯೋಗ ದಿನಾಚರಣೆ ಹಿನ್ನೆಲೆಯಲ್ಲಿ ತಾಲೂಕಿನ ಕುಡಪಲಿ ಗ್ರಾಮದಲ್ಲಿರುವ, ಸರಕಾರಿ ಹಿರಿಯ ಪ್ರಾಥಮಿಕ ಕನ್ನಡ ಗಂಡು ಮಕ್ಕಳ ಶಾಲೆ ಮತ್ತು ಸರ್ಕಾರಿ ಹಿರಿಯ ಪ್ರಾಥಮಿಕ ಕನ್ನಡ ಹೆಣ್ಣು ಮಕ್ಕಳ ಶಾಲೆ, ಜೆ.ಪಿ.ಶಂಕರರಾವ್ ಪಿಯು ಕಾಲೇಜ್ ಹಾಗೂ ಎಸ್.ಪಿ.ಎಂ.ಪ್ರೌಢ ಶಾಲೆ ವಿದ್ಯಾರ್ಥಿಗಳಿಂದ ಇಲ್ಲಿನ ಆಟದ ಮೈದಾನದಲ್ಲಿ ವಿಶ್ವ ಅಂತರಾಷ್ಟ್ರೀಯ ಯೋಗ ದಿನಾಚರಣೆ ಕಾರ್ಯಕ್ರಮ ಜರುಗಿತು. ಪ್ರಾಥಮಿಕ ಶಾಲೆಯ ಆವರಣದಲ್ಲಿ ನಡೆದ ಅಂತರಾಷ್ಟ್ರೀಯ ಯೋಗ ದಿನಾಚರಣೆ ಕಾರ್ಯಕ್ರಮದಲ್ಲಿ ಗಂಡು ಮಕ್ಕಳ ಶಾಲೆಯ ಮುಖ್ಯ ಶಿಕ್ಷಕ ಎಂ.ಆರ್.ಮರಿಗೌಡ್ರ ಅವರು ಮಾತನಾಡಿ, ಯೋಗ ಎಂಬುವುದು ಸರ್ವ ರೋಗಗಳಿಗೂ ಮದ್ದು, ಮನುಷ್ಯನಿಗೆ ಬರುವ

ರೋಗಗಳಿಂದ ದೂರವಿರಲು ದಿನನಿತ್ಯ ಯೋಗ ಉಪಯುಕ್ತವಾಗಿದೆ. ರೋಗದಿಂದ ದೂರವಿರಬೇಕಾದರೆ ಯೋಗ ವ್ಯಾಯಾಮ ಮಾಡಬೇಕು. ಇಡೀ ವಿಶ್ವವೇ ಯೋಗ ಮಾಡುವಂತೆ ಪ್ರೇರೇಪಿಸಿದ ಶ್ರೇಯಸ್ಸು ವಿಶ್ವ ಸಂಸ್ಥೆಗೆ ಸಲ್ಲುತ್ತದೆ. ವಿದ್ಯಾರ್ಥಿಗಳು ದುಶ್ಚಟಗಳಿಂದ ದೂರವಿದ್ದು, ಆರೋಗ್ಯವಂತ ಸಮಾಜ ನಿರ್ಮಿಸಲು ಮುಂದಾಗಬೇಕೆಂದು ಹೇಳಿದರು. ಈ ಸಂದರ್ಭದಲ್ಲಿ ಗಂಡು ಮಕ್ಕಳ ಶಾಲೆಯ ಎಸ್‌ಡಿಎಂಸಿ ಅಧ್ಯಕ್ಷ ಮಹೇಶಪ್ಪ ಕುಸಗೂರ, ಹೆಣ್ಣು ಮಕ್ಕಳ ಶಾಲೆಯ ಎಸ್‌ಡಿಎಂಸಿ ಅಧ್ಯಕ್ಷ ಕರಿಯಪ್ಪ ಚೌಡಕ್ಕನವರ, ಮುಖ್ಯ ಶಿಕ್ಷಕ ಎಸ್.ಪಿ.ಬಣಕಾರ, ಶರಣಪ್ಪ ರಾಮಗಿರಿ, ಗೀತಾ ಹಿರೇಮಠ, ಸಿದ್ದಲಿಂಗಯ್ಯ ಹಿರೇಮಠ, ಪ್ರಾಚಾರ್ಯರರು, ಶಿಕ್ಷಕ-ಶಿಕ್ಷಕಿಯರು, ವಿದ್ಯಾರ್ಥಿಗಳು, ಎಸ್‌ಡಿಎಂಸಿಯವರು ಯೋಗ ಕಾರ್ಯಕ್ರಮದಲ್ಲಿ ಭಾಗವಹಿಸಿದ್ದರು.

Owned, Printed and Publish by Prabhugouda Patil from c/o DC Hubballi Room No.06, IDRC Municipality Complex, Googikatti, Haveri-581110.
and Printed at Mahanubhavi Prakashana ‘B’ Block 9th Cross Basaveshwara Nagar Haveri-581110. KARNATAKA. Editor: Prabhugouda Patil
